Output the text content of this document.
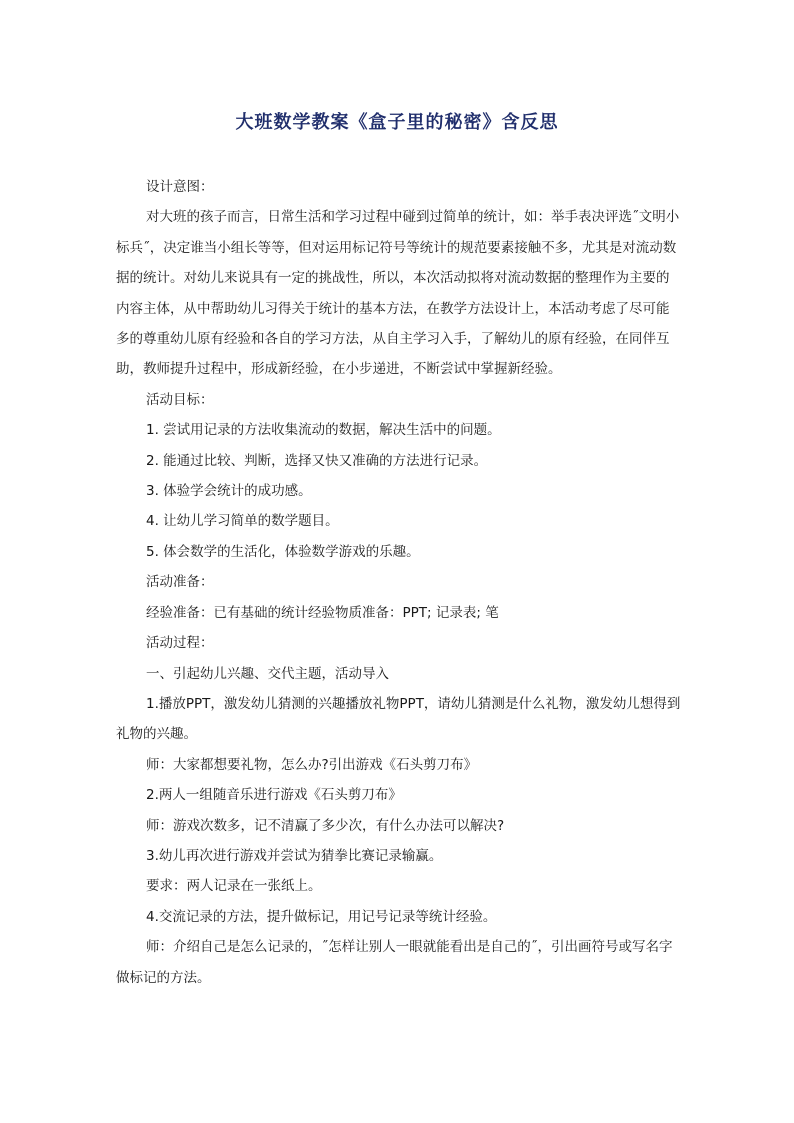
大班数学教案《盒子里的秘密》含反思

设计意图：

对大班的孩子而言，日常生活和学习过程中碰到过简单的统计，如：举手表决评选˝文明小标兵˝，决定谁当小组长等等，但对运用标记符号等统计的规范要素接触不多，尤其是对流动数据的统计。对幼儿来说具有一定的挑战性，所以，本次活动拟将对流动数据的整理作为主要的内容主体，从中帮助幼儿习得关于统计的基本方法，在教学方法设计上，本活动考虑了尽可能多的尊重幼儿原有经验和各自的学习方法，从自主学习入手，了解幼儿的原有经验，在同伴互助，教师提升过程中，形成新经验，在小步递进，不断尝试中掌握新经验。

活动目标：

1. 尝试用记录的方法收集流动的数据，解决生活中的问题。

2. 能通过比较、判断，选择又快又准确的方法进行记录。

3. 体验学会统计的成功感。

4. 让幼儿学习简单的数学题目。

5. 体会数学的生活化，体验数学游戏的乐趣。

活动准备：

经验准备：已有基础的统计经验物质准备：PPT; 记录表; 笔

活动过程：

一、引起幼儿兴趣、交代主题，活动导入

1.播放PPT，激发幼儿猜测的兴趣播放礼物PPT，请幼儿猜测是什么礼物，激发幼儿想得到礼物的兴趣。

师：大家都想要礼物，怎么办?引出游戏《石头剪刀布》

2.两人一组随音乐进行游戏《石头剪刀布》

师：游戏次数多，记不清赢了多少次，有什么办法可以解决?

3.幼儿再次进行游戏并尝试为猜拳比赛记录输赢。

要求：两人记录在一张纸上。

4.交流记录的方法，提升做标记，用记号记录等统计经验。

师：介绍自己是怎么记录的，˝怎样让别人一眼就能看出是自己的˝，引出画符号或写名字做标记的方法。
